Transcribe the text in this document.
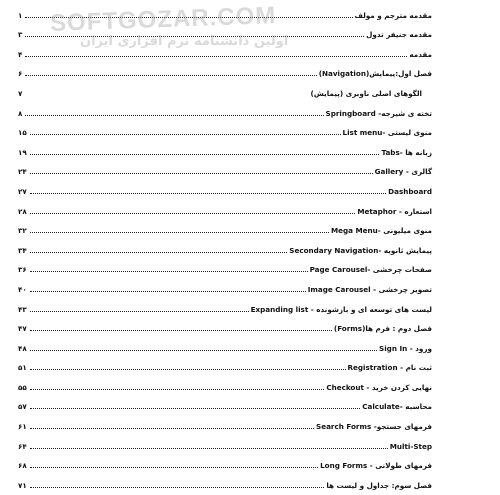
۱	مقدمه مترجم و مولف
۳	مقدمه جنیفر تدول
۴	مقدمه
۶	فصل اول:پیمایش(Navigation)
۷	الگوهای اصلی ناوبری (پیمایش)
۸	Springboard -تخته ی شیرجه
۱۵	List menu- منوی لیستی
۱۹	Tabs- زبانه ها
۲۴	Gallery - گالری
۲۷	Dashboard
۲۸	Metaphor - استعاره
۳۲	Mega Menu- منوی میلیونی
۳۴	Secondary Navigation- پیمایش ثانویه
۳۶	Page Carousel- صفحات چرخشی
۴۰	Image Carousel - تصویر چرخشی
۴۳	Expanding list - لیست های توسعه ای و بازشونده
۴۷	فصل دوم : فرم ها(Forms)
۴۸	Sign In - ورود
۵۱	Registration - ثبت نام
۵۵	Checkout - نهایی کردن خرید
۵۷	Calculate- محاسبه
۶۱	Search Forms -فرمهای جستجو
۶۴	Multi-Step
۶۸	Long Forms - فرمهای طولانی
۷۱	فصل سوم: جداول و لیست ها
SOFTGOZAR.COM
اولین دانشنامه نرم افزاری ایران
